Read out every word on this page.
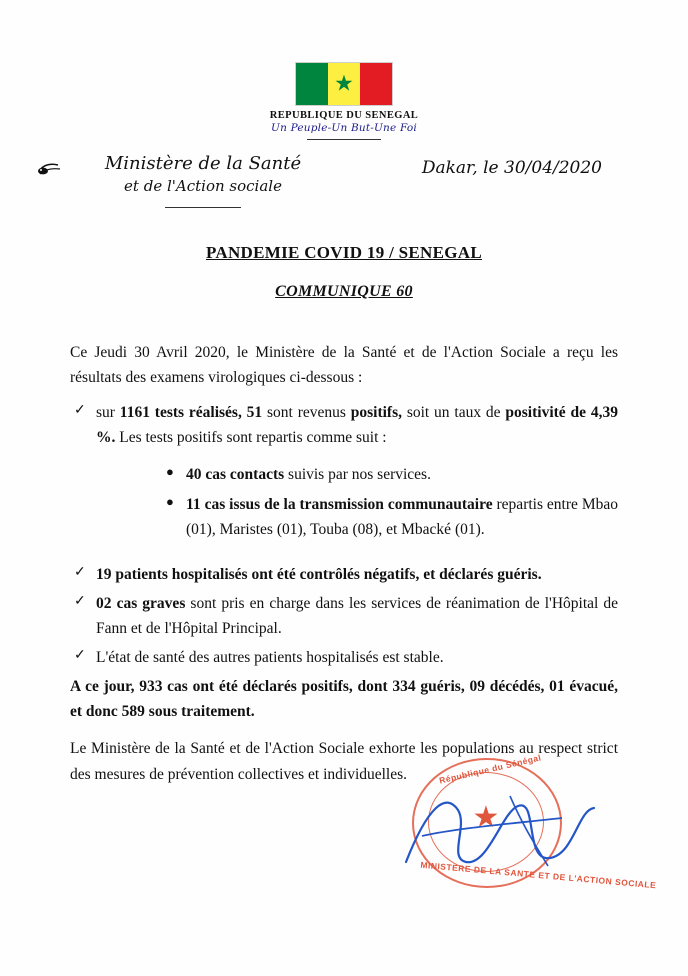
★
REPUBLIQUE DU SENEGAL
Un Peuple-Un But-Une Foi
Ministère de la Santé
et de l'Action sociale
Dakar, le 30/04/2020
PANDEMIE COVID 19 / SENEGAL
COMMUNIQUE 60

Ce Jeudi 30 Avril 2020, le Ministère de la Santé et de l'Action Sociale a reçu les résultats des examens virologiques ci-dessous :

✓ sur 1161 tests réalisés, 51 sont revenus positifs, soit un taux de positivité de 4,39 %. Les tests positifs sont repartis comme suit :
● 40 cas contacts suivis par nos services.
● 11 cas issus de la transmission communautaire repartis entre Mbao (01), Maristes (01), Touba (08), et Mbacké (01).
✓ 19 patients hospitalisés ont été contrôlés négatifs, et déclarés guéris.
✓ 02 cas graves sont pris en charge dans les services de réanimation de l'Hôpital de Fann et de l'Hôpital Principal.
✓ L'état de santé des autres patients hospitalisés est stable.

A ce jour, 933 cas ont été déclarés positifs, dont 334 guéris, 09 décédés, 01 évacué, et donc 589 sous traitement.

Le Ministère de la Santé et de l'Action Sociale exhorte les populations au respect strict des mesures de prévention collectives et individuelles.	République du Sénégal
MINISTERE DE LA SANTE ET DE L'ACTION SOCIALE
★
